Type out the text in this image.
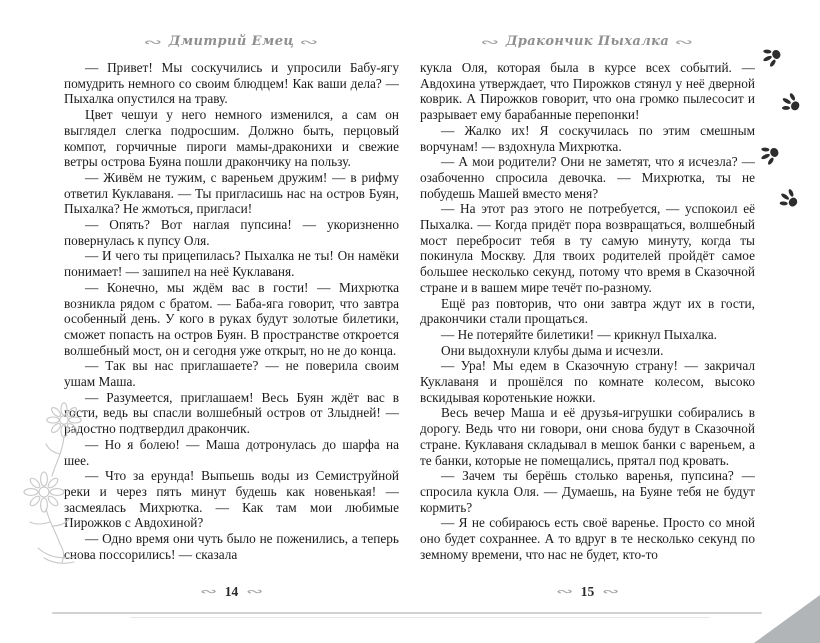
∾ Дмитрий Емец ∾

— Привет! Мы соскучились и упросили Бабу-ягу помудрить немного со своим блюдцем! Как ваши дела? — Пыхалка опустился на траву.

Цвет чешуи у него немного изменился, а сам он выглядел слегка подросшим. Должно быть, перцовый компот, горчичные пироги мамы-драконихи и свежие ветры острова Буяна пошли дракончику на пользу.

— Живём не тужим, с вареньем дружим! — в рифму ответил Куклаваня. — Ты пригласишь нас на остров Буян, Пыхалка? Не жмоться, пригласи!

— Опять? Вот наглая пупсина! — укоризненно повернулась к пупсу Оля.

— И чего ты прицепилась? Пыхалка не ты! Он намёки понимает! — зашипел на неё Куклаваня.

— Конечно, мы ждём вас в гости! — Михрютка возникла рядом с братом. — Баба-яга говорит, что завтра особенный день. У кого в руках будут золотые билетики, сможет попасть на остров Буян. В пространстве откроется волшебный мост, он и сегодня уже открыт, но не до конца.

— Так вы нас приглашаете? — не поверила своим ушам Маша.

— Разумеется, приглашаем! Весь Буян ждёт вас в гости, ведь вы спасли волшебный остров от Злыдней! — радостно подтвердил дракончик.

— Но я болею! — Маша дотронулась до шарфа на шее.

— Что за ерунда! Выпьешь воды из Семиструйной реки и через пять минут будешь как новенькая! — засмеялась Михрютка. — Как там мои любимые Пирожков с Авдохиной?

— Одно время они чуть было не поженились, а теперь снова поссорились! — сказала

∾ 14 ∾
∾ Дракончик Пыхалка ∾

кукла Оля, которая была в курсе всех событий. — Авдохина утверждает, что Пирожков стянул у неё дверной коврик. А Пирожков говорит, что она громко пылесосит и разрывает ему барабанные перепонки!

— Жалко их! Я соскучилась по этим смешным ворчунам! — вздохнула Михрютка.

— А мои родители? Они не заметят, что я исчезла? — озабоченно спросила девочка. — Михрютка, ты не побудешь Машей вместо меня?

— На этот раз этого не потребуется, — успокоил её Пыхалка. — Когда придёт пора возвращаться, волшебный мост перебросит тебя в ту самую минуту, когда ты покинула Москву. Для твоих родителей пройдёт самое большее несколько секунд, потому что время в Сказочной стране и в вашем мире течёт по-разному.

Ещё раз повторив, что они завтра ждут их в гости, дракончики стали прощаться.

— Не потеряйте билетики! — крикнул Пыхалка.

Они выдохнули клубы дыма и исчезли.

— Ура! Мы едем в Сказочную страну! — закричал Куклаваня и прошёлся по комнате колесом, высоко вскидывая коротенькие ножки.

Весь вечер Маша и её друзья-игрушки собирались в дорогу. Ведь что ни говори, они снова будут в Сказочной стране. Куклаваня складывал в мешок банки с вареньем, а те банки, которые не помещались, прятал под кровать.

— Зачем ты берёшь столько варенья, пупсина? — спросила кукла Оля. — Думаешь, на Буяне тебя не будут кормить?

— Я не собираюсь есть своё варенье. Просто со мной оно будет сохраннее. А то вдруг в те несколько секунд по земному времени, что нас не будет, кто-то

∾ 15 ∾
